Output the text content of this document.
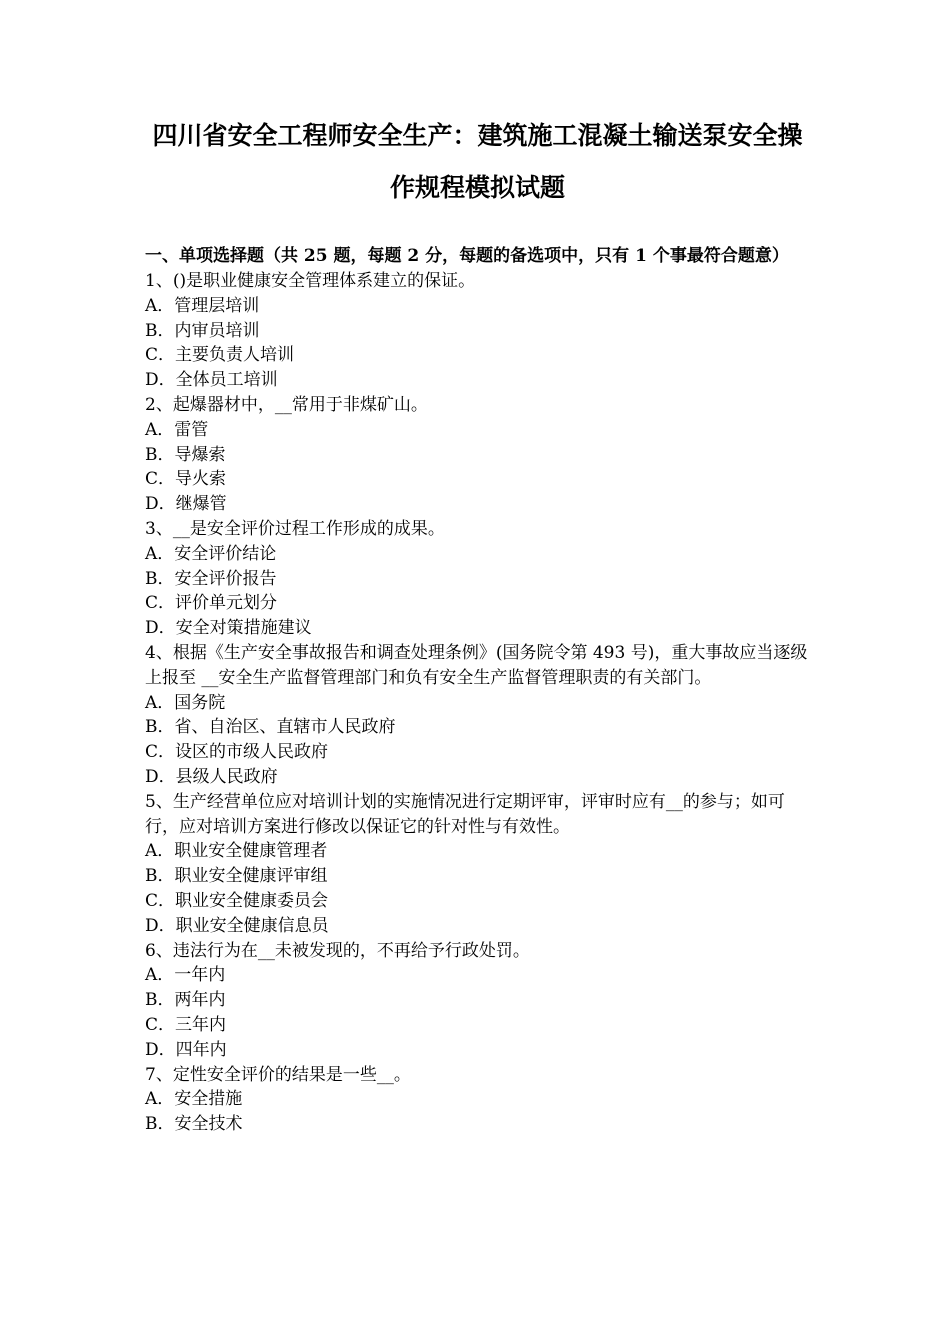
四川省安全工程师安全生产：建筑施工混凝土输送泵安全操
作规程模拟试题
一、单项选择题（共 25 题，每题 2 分，每题的备选项中，只有 1 个事最符合题意）

1、()是职业健康安全管理体系建立的保证。

A．管理层培训

B．内审员培训

C．主要负责人培训

D．全体员工培训

2、起爆器材中，__常用于非煤矿山。

A．雷管

B．导爆索

C．导火索

D．继爆管

3、__是安全评价过程工作形成的成果。

A．安全评价结论

B．安全评价报告

C．评价单元划分

D．安全对策措施建议

4、根据《生产安全事故报告和调查处理条例》(国务院令第 493 号)，重大事故应当逐级上报至 __安全生产监督管理部门和负有安全生产监督管理职责的有关部门。

A．国务院

B．省、自治区、直辖市人民政府

C．设区的市级人民政府

D．县级人民政府

5、生产经营单位应对培训计划的实施情况进行定期评审，评审时应有__的参与；如可行，应对培训方案进行修改以保证它的针对性与有效性。

A．职业安全健康管理者

B．职业安全健康评审组

C．职业安全健康委员会

D．职业安全健康信息员

6、违法行为在__未被发现的，不再给予行政处罚。

A．一年内

B．两年内

C．三年内

D．四年内

7、定性安全评价的结果是一些__。

A．安全措施

B．安全技术
